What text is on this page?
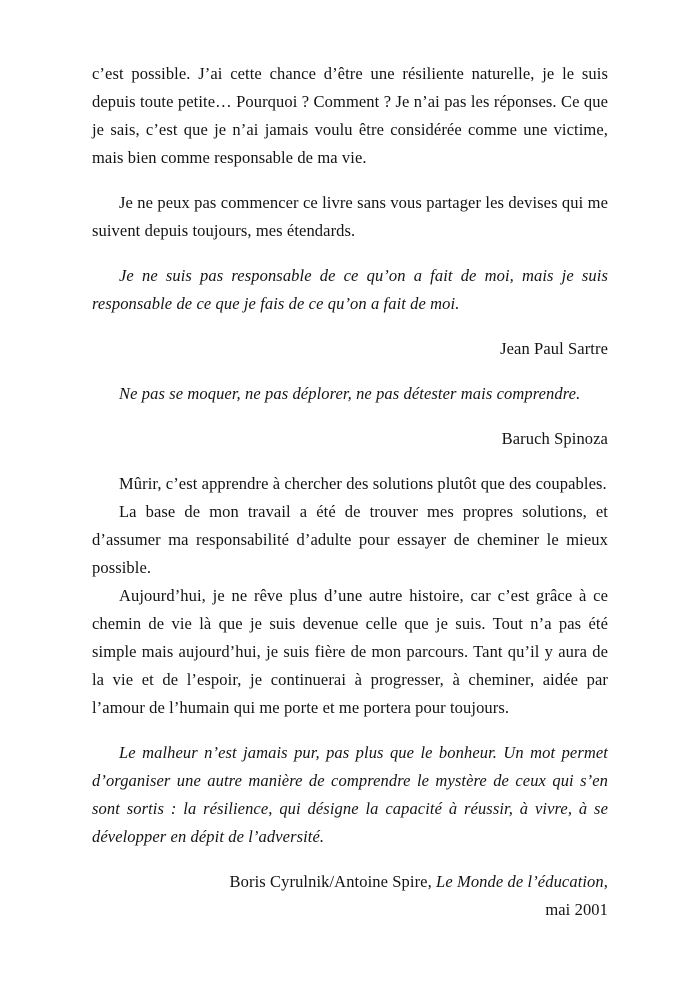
c’est possible. J’ai cette chance d’être une résiliente naturelle, je le suis depuis toute petite… Pourquoi ? Comment ? Je n’ai pas les réponses. Ce que je sais, c’est que je n’ai jamais voulu être considérée comme une victime, mais bien comme responsable de ma vie.

Je ne peux pas commencer ce livre sans vous partager les devises qui me suivent depuis toujours, mes étendards.

Je ne suis pas responsable de ce qu’on a fait de moi, mais je suis responsable de ce que je fais de ce qu’on a fait de moi.

Jean Paul Sartre

Ne pas se moquer, ne pas déplorer, ne pas détester mais comprendre.

Baruch Spinoza

Mûrir, c’est apprendre à chercher des solutions plutôt que des coupables.

La base de mon travail a été de trouver mes propres solutions, et d’assumer ma responsabilité d’adulte pour essayer de cheminer le mieux possible.

Aujourd’hui, je ne rêve plus d’une autre histoire, car c’est grâce à ce chemin de vie là que je suis devenue celle que je suis. Tout n’a pas été simple mais aujourd’hui, je suis fière de mon parcours. Tant qu’il y aura de la vie et de l’espoir, je continuerai à progresser, à cheminer, aidée par l’amour de l’humain qui me porte et me portera pour toujours.

Le malheur n’est jamais pur, pas plus que le bonheur. Un mot permet d’organiser une autre manière de comprendre le mystère de ceux qui s’en sont sortis : la résilience, qui désigne la capacité à réussir, à vivre, à se développer en dépit de l’adversité.

Boris Cyrulnik/Antoine Spire, Le Monde de l’éducation,

mai 2001
